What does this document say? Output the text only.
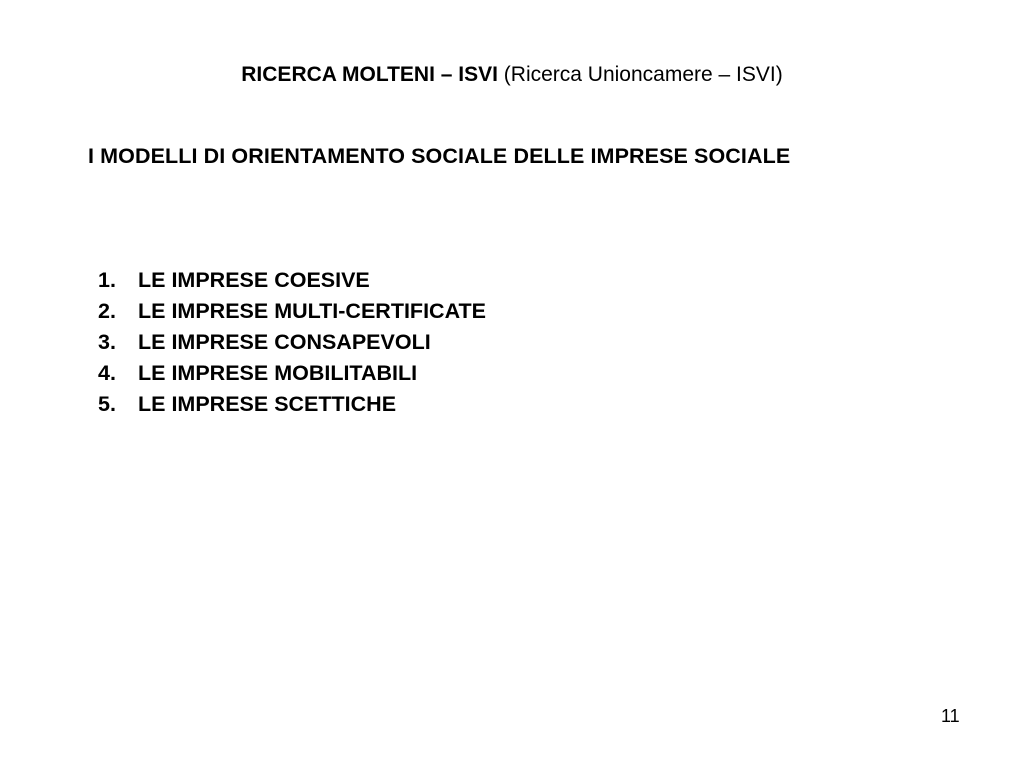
RICERCA MOLTENI – ISVI (Ricerca Unioncamere – ISVI)
I MODELLI DI ORIENTAMENTO SOCIALE DELLE IMPRESE SOCIALE
1.	LE IMPRESE COESIVE
2.	LE IMPRESE MULTI-CERTIFICATE
3.	LE IMPRESE CONSAPEVOLI
4.	LE IMPRESE MOBILITABILI
5.	LE IMPRESE SCETTICHE
11
